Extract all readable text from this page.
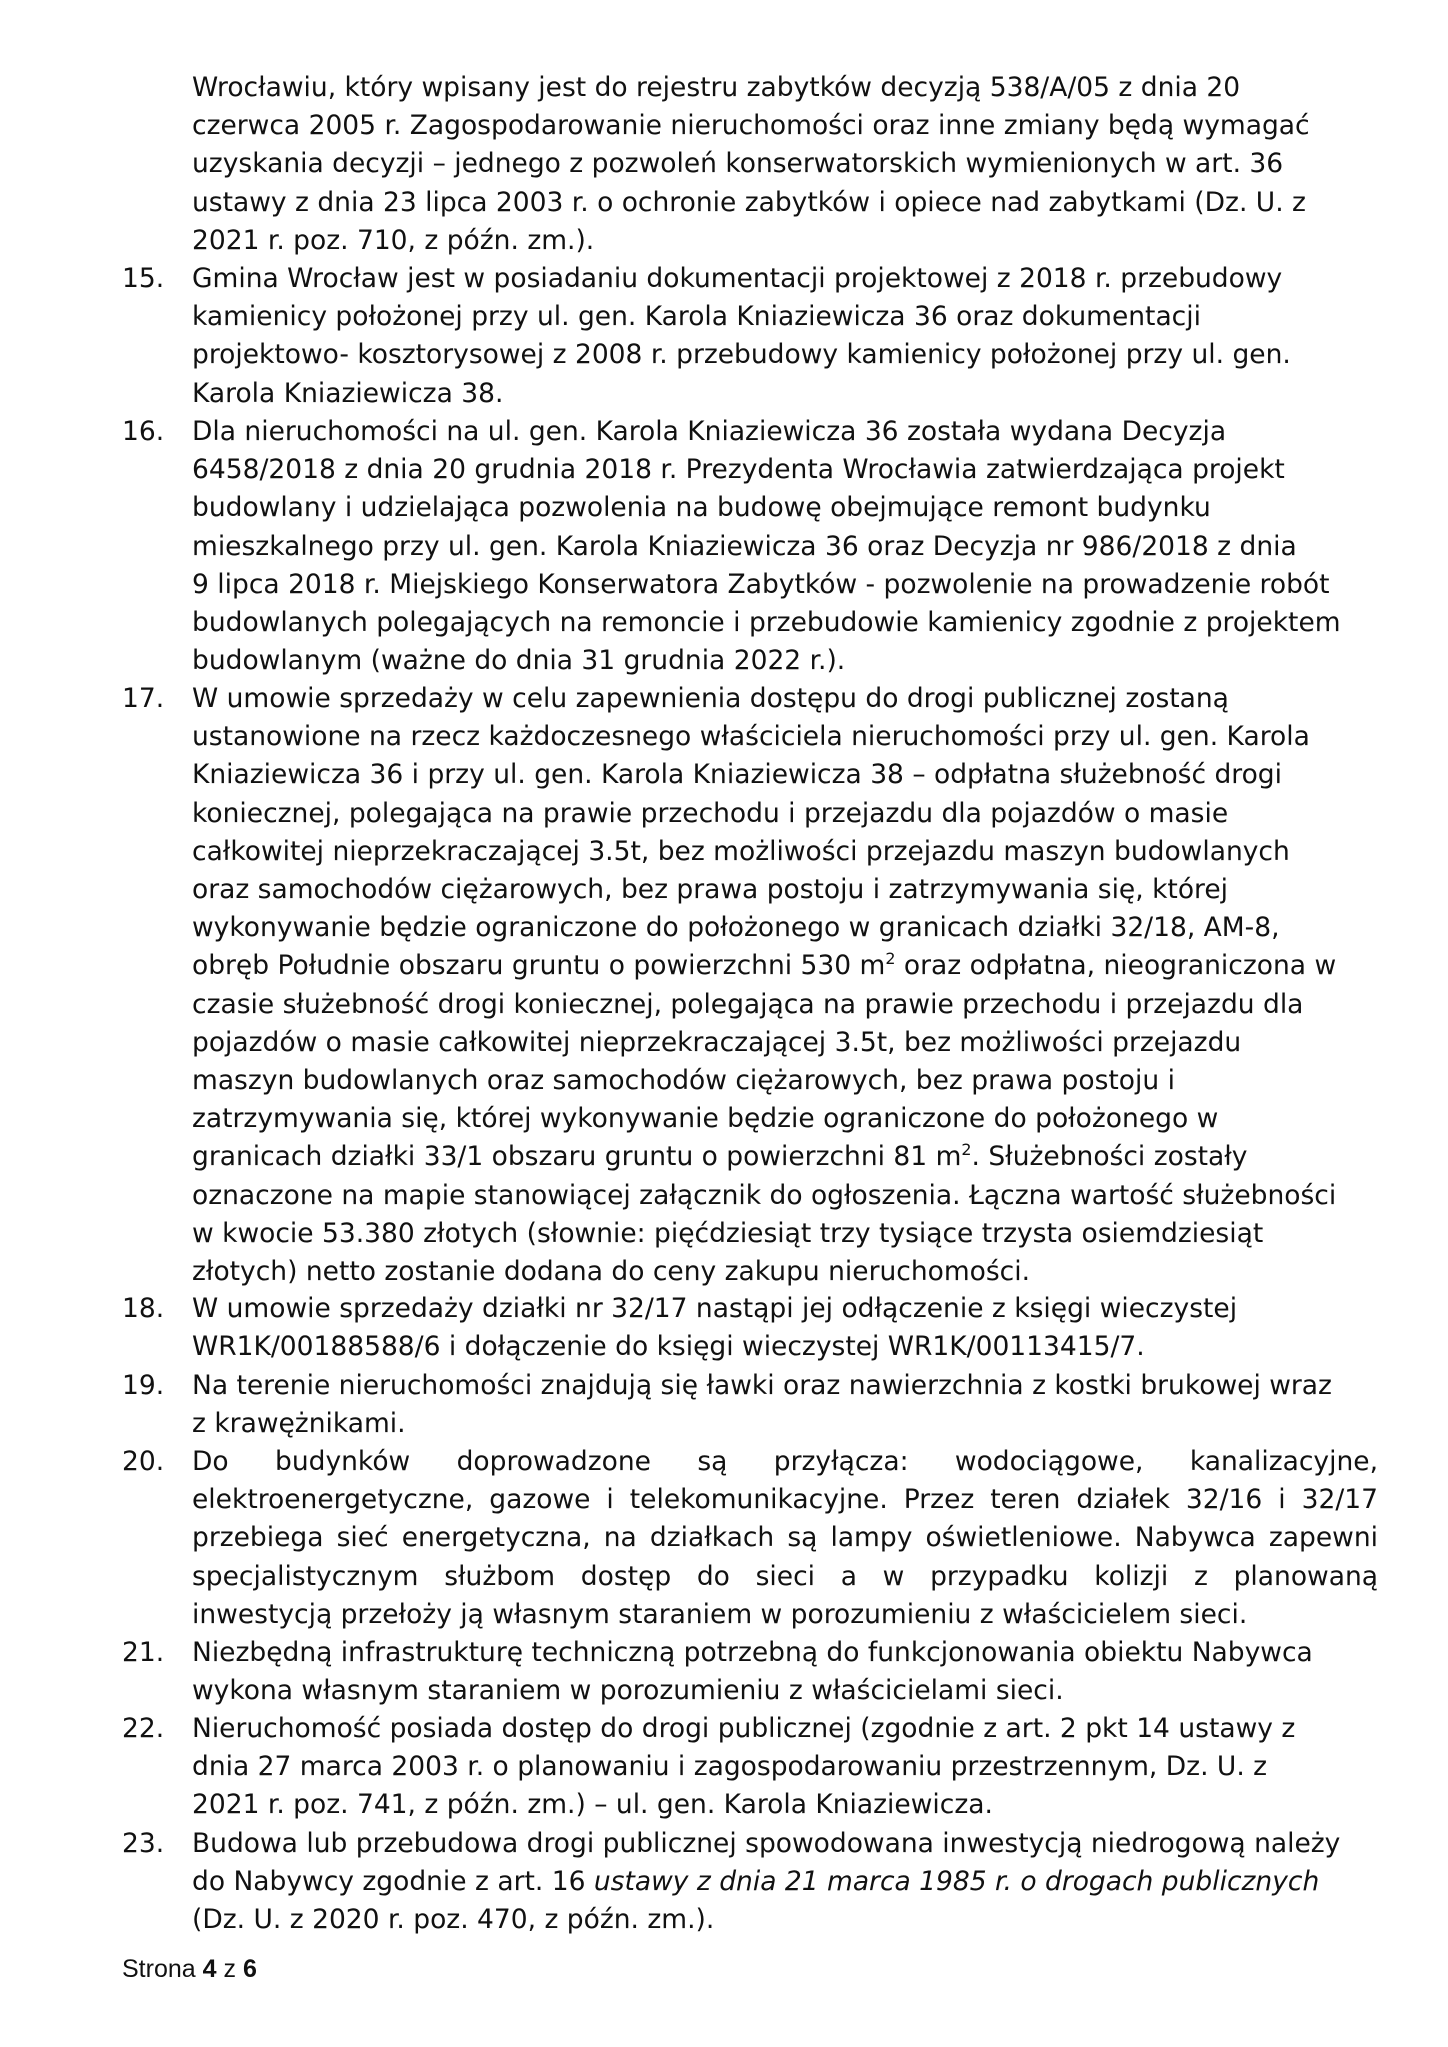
Wrocławiu, który wpisany jest do rejestru zabytków decyzją 538/A/05 z dnia 20
czerwca 2005 r. Zagospodarowanie nieruchomości oraz inne zmiany będą wymagać
uzyskania decyzji – jednego z pozwoleń konserwatorskich wymienionych w art. 36
ustawy z dnia 23 lipca 2003 r. o ochronie zabytków i opiece nad zabytkami (Dz. U. z
2021 r. poz. 710, z późn. zm.).
15. Gmina Wrocław jest w posiadaniu dokumentacji projektowej z 2018 r. przebudowy
kamienicy położonej przy ul. gen. Karola Kniaziewicza 36 oraz dokumentacji
projektowo- kosztorysowej z 2008 r. przebudowy kamienicy położonej przy ul. gen.
Karola Kniaziewicza 38.
16. Dla nieruchomości na ul. gen. Karola Kniaziewicza 36 została wydana Decyzja
6458/2018 z dnia 20 grudnia 2018 r. Prezydenta Wrocławia zatwierdzająca projekt
budowlany i udzielająca pozwolenia na budowę obejmujące remont budynku
mieszkalnego przy ul. gen. Karola Kniaziewicza 36 oraz Decyzja nr 986/2018 z dnia
9 lipca 2018 r. Miejskiego Konserwatora Zabytków - pozwolenie na prowadzenie robót
budowlanych polegających na remoncie i przebudowie kamienicy zgodnie z projektem
budowlanym (ważne do dnia 31 grudnia 2022 r.).
17. W umowie sprzedaży w celu zapewnienia dostępu do drogi publicznej zostaną
ustanowione na rzecz każdoczesnego właściciela nieruchomości przy ul. gen. Karola
Kniaziewicza 36 i przy ul. gen. Karola Kniaziewicza 38 – odpłatna służebność drogi
koniecznej, polegająca na prawie przechodu i przejazdu dla pojazdów o masie
całkowitej nieprzekraczającej 3.5t, bez możliwości przejazdu maszyn budowlanych
oraz samochodów ciężarowych, bez prawa postoju i zatrzymywania się, której
wykonywanie będzie ograniczone do położonego w granicach działki 32/18, AM-8,
obręb Południe obszaru gruntu o powierzchni 530 $m^2$ oraz odpłatna, nieograniczona w
czasie służebność drogi koniecznej, polegająca na prawie przechodu i przejazdu dla
pojazdów o masie całkowitej nieprzekraczającej 3.5t, bez możliwości przejazdu
maszyn budowlanych oraz samochodów ciężarowych, bez prawa postoju i
zatrzymywania się, której wykonywanie będzie ograniczone do położonego w
granicach działki 33/1 obszaru gruntu o powierzchni 81 $m^2$. Służebności zostały
oznaczone na mapie stanowiącej załącznik do ogłoszenia. Łączna wartość służebności
w kwocie 53.380 złotych (słownie: pięćdziesiąt trzy tysiące trzysta osiemdziesiąt
złotych) netto zostanie dodana do ceny zakupu nieruchomości.
18. W umowie sprzedaży działki nr 32/17 nastąpi jej odłączenie z księgi wieczystej
WR1K/00188588/6 i dołączenie do księgi wieczystej WR1K/00113415/7.
19. Na terenie nieruchomości znajdują się ławki oraz nawierzchnia z kostki brukowej wraz
z krawężnikami.
20. Do budynków doprowadzone są przyłącza: wodociągowe, kanalizacyjne,
elektroenergetyczne, gazowe i telekomunikacyjne. Przez teren działek 32/16 i 32/17
przebiega sieć energetyczna, na działkach są lampy oświetleniowe. Nabywca zapewni
specjalistycznym służbom dostęp do sieci a w przypadku kolizji z planowaną
inwestycją przełoży ją własnym staraniem w porozumieniu z właścicielem sieci.
21. Niezbędną infrastrukturę techniczną potrzebną do funkcjonowania obiektu Nabywca
wykona własnym staraniem w porozumieniu z właścicielami sieci.
22. Nieruchomość posiada dostęp do drogi publicznej (zgodnie z art. 2 pkt 14 ustawy z
dnia 27 marca 2003 r. o planowaniu i zagospodarowaniu przestrzennym, Dz. U. z
2021 r. poz. 741, z późn. zm.) – ul. gen. Karola Kniaziewicza.
23. Budowa lub przebudowa drogi publicznej spowodowana inwestycją niedrogową należy
do Nabywcy zgodnie z art. 16 ustawy z dnia 21 marca 1985 r. o drogach publicznych
(Dz. U. z 2020 r. poz. 470, z późn. zm.).
Strona 4 z 6
